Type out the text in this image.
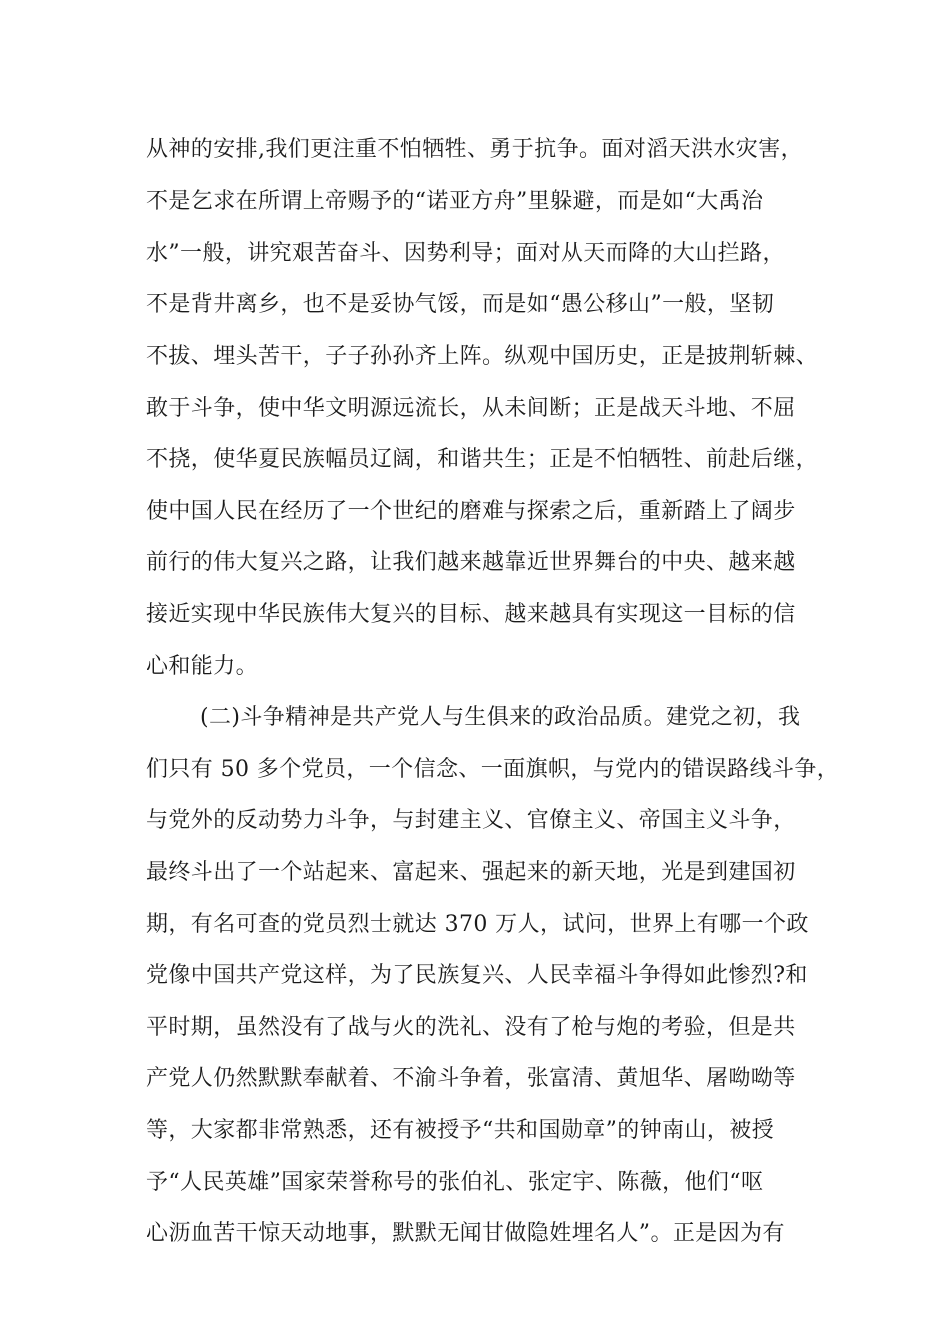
从神的安排,我们更注重不怕牺牲、勇于抗争。面对滔天洪水灾害，
不是乞求在所谓上帝赐予的“诺亚方舟”里躲避，而是如“大禹治
水”一般，讲究艰苦奋斗、因势利导；面对从天而降的大山拦路，
不是背井离乡，也不是妥协气馁，而是如“愚公移山”一般，坚韧
不拔、埋头苦干，子子孙孙齐上阵。纵观中国历史，正是披荆斩棘、
敢于斗争，使中华文明源远流长，从未间断；正是战天斗地、不屈
不挠，使华夏民族幅员辽阔，和谐共生；正是不怕牺牲、前赴后继，
使中国人民在经历了一个世纪的磨难与探索之后，重新踏上了阔步
前行的伟大复兴之路，让我们越来越靠近世界舞台的中央、越来越
接近实现中华民族伟大复兴的目标、越来越具有实现这一目标的信
心和能力。
(二)斗争精神是共产党人与生俱来的政治品质。建党之初，我
们只有 50 多个党员，一个信念、一面旗帜，与党内的错误路线斗争，
与党外的反动势力斗争，与封建主义、官僚主义、帝国主义斗争，
最终斗出了一个站起来、富起来、强起来的新天地，光是到建国初
期，有名可查的党员烈士就达 370 万人，试问，世界上有哪一个政
党像中国共产党这样，为了民族复兴、人民幸福斗争得如此惨烈?和
平时期，虽然没有了战与火的洗礼、没有了枪与炮的考验，但是共
产党人仍然默默奉献着、不渝斗争着，张富清、黄旭华、屠呦呦等
等，大家都非常熟悉，还有被授予“共和国勋章”的钟南山，被授
予“人民英雄”国家荣誉称号的张伯礼、张定宇、陈薇，他们“呕
心沥血苦干惊天动地事，默默无闻甘做隐姓埋名人”。正是因为有
